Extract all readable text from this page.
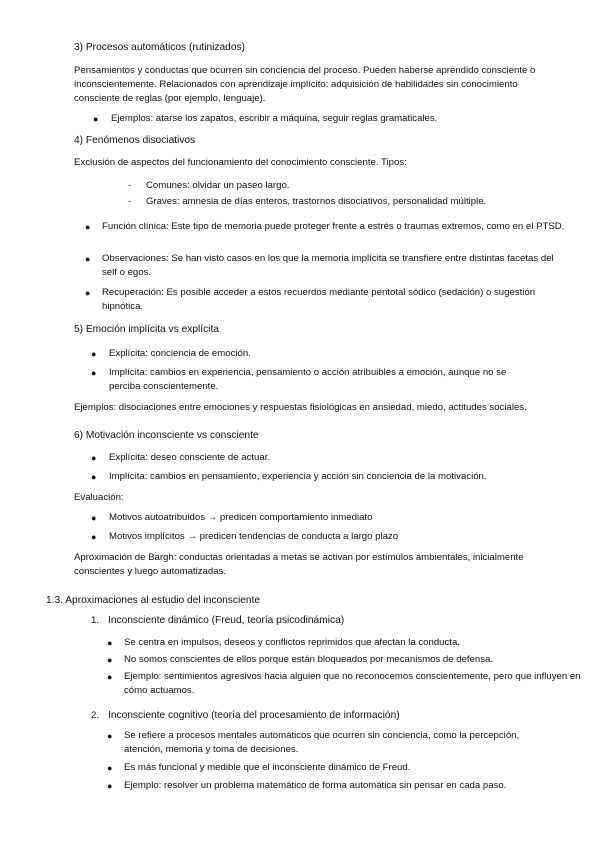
3) Procesos automáticos (rutinizados)

Pensamientos y conductas que ocurren sin conciencia del proceso. Pueden haberse aprendido consciente o inconscientemente. Relacionados con aprendizaje implícito: adquisición de habilidades sin conocimiento consciente de reglas (por ejemplo, lenguaje).

●	Ejemplos: atarse los zapatos, escribir a máquina, seguir reglas gramaticales.

4) Fenómenos disociativos

Exclusión de aspectos del funcionamiento del conocimiento consciente. Tipos:

-	Comunes: olvidar un paseo largo.
-	Graves: amnesia de días enteros, trastornos disociativos, personalidad múltiple.
●	Función clínica: Este tipo de memoria puede proteger frente a estrés o traumas extremos, como en el PTSD.
●	Observaciones: Se han visto casos en los que la memoria implícita se transfiere entre distintas facetas del self o egos.
●	Recuperación: Es posible acceder a estos recuerdos mediante pentotal sódico (sedación) o sugestión hipnótica.

5) Emoción implícita vs explícita

●	Explícita: conciencia de emoción.
●	Implícita: cambios en experiencia, pensamiento o acción atribuibles a emoción, aunque no se perciba conscientemente.

Ejemplos: disociaciones entre emociones y respuestas fisiológicas en ansiedad, miedo, actitudes sociales.

6) Motivación inconsciente vs consciente

●	Explícita: deseo consciente de actuar.
●	Implícita: cambios en pensamiento, experiencia y acción sin conciencia de la motivación.

Evaluación:

●	Motivos autoatribuidos → predicen comportamiento inmediato
●	Motivos implícitos → predicen tendencias de conducta a largo plazo

Aproximación de Bargh: conductas orientadas a metas se activan por estímulos ambientales, inicialmente conscientes y luego automatizadas.

1.3. Aproximaciones al estudio del inconsciente

1. Inconsciente dinámico (Freud, teoría psicodinámica)
●	Se centra en impulsos, deseos y conflictos reprimidos que afectan la conducta.
●	No somos conscientes de ellos porque están bloqueados por mecanismos de defensa.
●	Ejemplo: sentimientos agresivos hacia alguien que no reconocemos conscientemente, pero que influyen en cómo actuamos.
2. Inconsciente cognitivo (teoría del procesamiento de información)
●	Se refiere a procesos mentales automáticos que ocurren sin conciencia, como la percepción, atención, memoria y toma de decisiones.
●	Es más funcional y medible que el inconsciente dinámico de Freud.
●	Ejemplo: resolver un problema matemático de forma automática sin pensar en cada paso.
